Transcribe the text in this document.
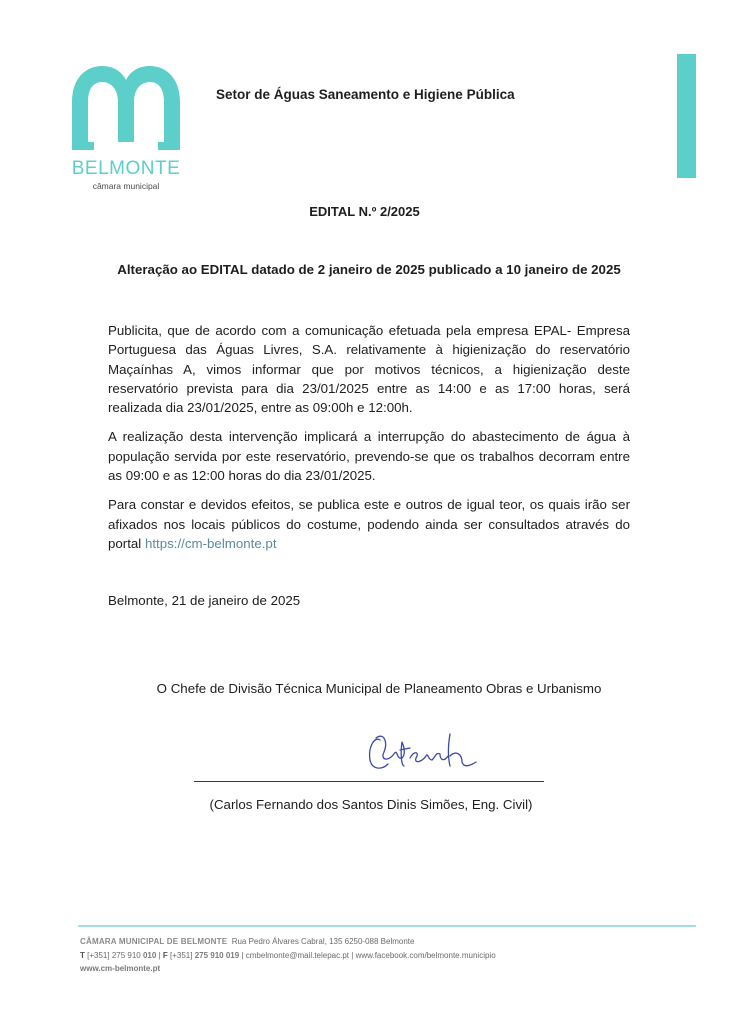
BELMONTE
câmara municipal
Setor de Águas Saneamento e Higiene Pública
EDITAL N.º 2/2025
Alteração ao EDITAL datado de 2 janeiro de 2025 publicado a 10 janeiro de 2025

Publicita, que de acordo com a comunicação efetuada pela empresa EPAL- Empresa Portuguesa das Águas Livres, S.A. relativamente à higienização do reservatório Maçaínhas A, vimos informar que por motivos técnicos, a higienização deste reservatório prevista para dia 23/01/2025 entre as 14:00 e as 17:00 horas, será realizada dia 23/01/2025, entre as 09:00h e 12:00h.

A realização desta intervenção implicará a interrupção do abastecimento de água à população servida por este reservatório, prevendo-se que os trabalhos decorram entre as 09:00 e as 12:00 horas do dia 23/01/2025.

Para constar e devidos efeitos, se publica este e outros de igual teor, os quais irão ser afixados nos locais públicos do costume, podendo ainda ser consultados através do portal https://cm-belmonte.pt

Belmonte, 21 de janeiro de 2025
O Chefe de Divisão Técnica Municipal de Planeamento Obras e Urbanismo
(Carlos Fernando dos Santos Dinis Simões, Eng. Civil)
CÂMARA MUNICIPAL DE BELMONTE Rua Pedro Álvares Cabral, 135 6250-088 Belmonte
T [+351] 275 910 010 | F [+351] 275 910 019 | cmbelmonte@mail.telepac.pt | www.facebook.com/belmonte.municipio
www.cm-belmonte.pt
